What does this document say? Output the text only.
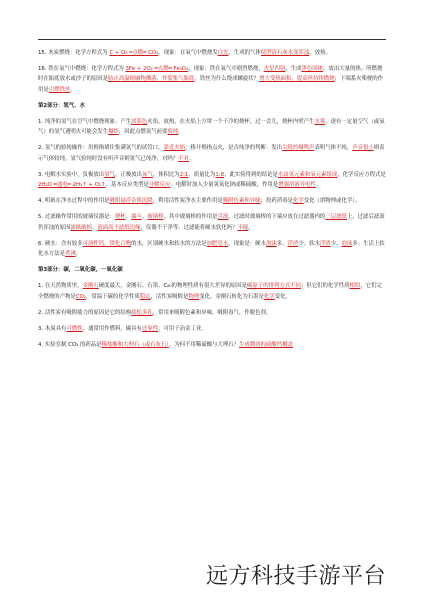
15. 木炭燃烧：化学方程式为 C + O₂ ═点燃═ CO₂，现象：在氧气中燃烧发白光，生成的气体使澄清石灰水变浑浊，放热。

16. 铁在氧气中燃烧：化学方程式为 3Fe + 2O₂ ═点燃═ Fe₃O₄，现象：铁在氧气中剧烈燃烧，火星四射，生成黑色固体，放出大量的热。所燃烧时在瓶底放水或沙子的原因是防止高温熔融物溅落，炸裂集气瓶底。铁丝为什么绕成螺旋状？增大受热面积，提高丝持续燃烧；下端系火柴梗的作用是引燃铁丝。

第2部分：氢气、水

1. 纯净的氢气在空气中燃烧现象：产生淡蓝色火焰，放热，在火焰上方罩一个干冷的烧杯，过一会儿，烧杯内壁产生水雾，逐有一定量空气（或氧气）的氢气遇明火可能会发生爆炸，因此点燃氢气前要验纯。

2. 氢气的验纯操作：用拇指堵住集满氢气的试管口，靠近火焰，移开拇指点火，是否纯净的判断：发出尖锐的爆鸣声表明气体不纯，声音很小则表示气体较纯。氢气验纯时没有听声音则氢气已纯净，对吗？不对。

3. 电解水实验中，负极放出氢气，正极放出氧气，体积比为2:1，质量比为1:8。此实验得到的结论是水由氢元素和氧元素组成，化学反应方程式是 2H₂O ═通电═ 2H₂↑ + O₂↑，基本反应类型是分解反应。电解时加入少量氢氧化钠或稀硫酸，作用是增强溶液导电性。

4. 明矾在净水过程中的作用是吸附悬浮杂质沉降，利用活性炭净水主要作用是吸附色素和异味；投药消毒是化学变化（填物理或化学）。

5. 过滤操作常用的玻璃仪器是：烧杯、漏斗、玻璃棒，其中玻璃棒的作用是引流，过滤时玻璃棒的下端应放在过滤器内的三层滤纸上，过滤后滤液仍浑浊的原因滤纸破损、液面高于滤纸边缘，仪器不干净等。过滤能将硬水软化吗？不能。

6. 硬水：含有较多可溶性钙、镁化合物的水，区别硬水和软水的方法是加肥皂水，现象是：硬水泡沫多、浮渣少；软水浮渣少、泡沫多；生活上软化水方法是煮沸。

第3部分：碳，二氧化碳，一氧化碳

1. 在天然物质里，金刚石硬度最大，金刚石、石墨、C₆₀的物理性质有很大差异的原因是碳原子的排列方式不同；但它们的化学性质相似，它们完全燃烧的产物是CO₂，常温下碳的化学性质稳定，活性炭吸附是物理变化，金刚石转化为石墨是化学变化。

2. 活性炭有吸附能力的原因是它的结构疏松多孔，常用来吸附色素和异味，吸附毒气，作脱色剂。

3. 木炭具有可燃性，通常用作燃料，碳具有还原性，可用于冶金工业。

4. 实验室制 CO₂ 的药品是稀盐酸和大理石（或石灰石），为何不用稀硫酸与大理石？生成微溶的硫酸钙覆盖

远方科技手游平台
